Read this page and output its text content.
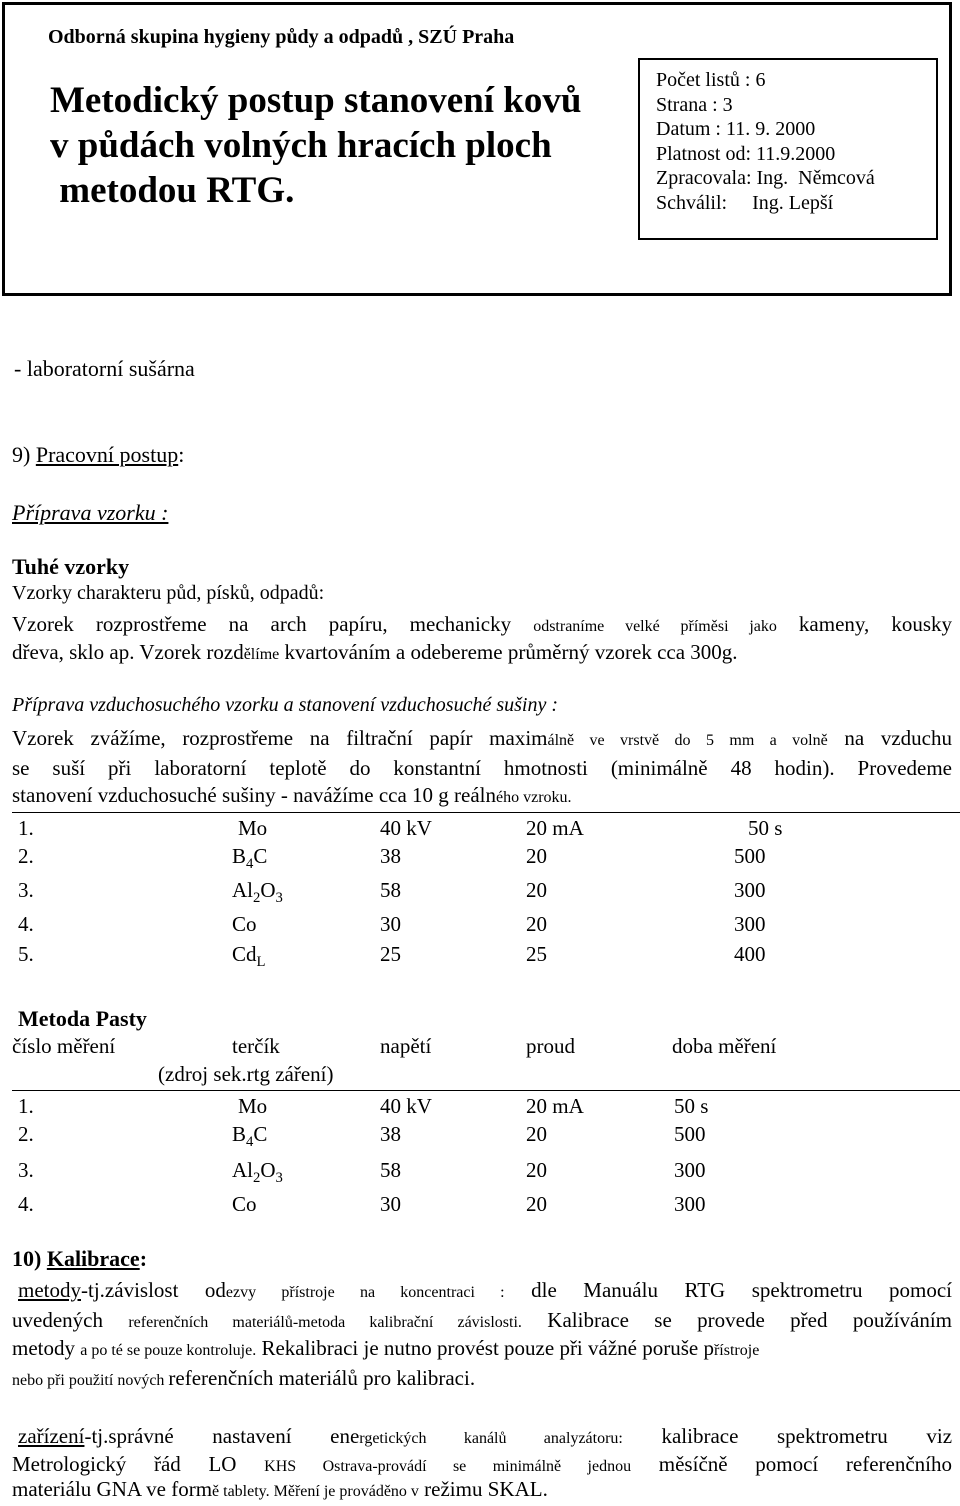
Odborná skupina hygieny půdy a odpadů , SZÚ Praha
Metodický postup stanovení kovů
v půdách volných hracích ploch
metodou RTG.
Počet listů : 6
Strana : 3
Datum : 11. 9. 2000
Platnost od: 11.9.2000
Zpracovala: Ing.  Němcová
Schválil:     Ing. Lepší
- laboratorní sušárna
9) Pracovní postup:
Příprava vzorku :
Tuhé vzorky
Vzorky charakteru půd, písků, odpadů:
Vzorek rozprostřeme na arch papíru, mechanicky odstraníme velké příměsi jako kameny, kousky
dřeva, sklo ap. Vzorek rozdělíme kvartováním a odebereme průměrný vzorek cca 300g.
Příprava vzduchosuchého vzorku a stanovení vzduchosuché sušiny :
Vzorek zvážíme, rozprostřeme na filtrační papír maximálně ve vrstvě do 5 mm a volně na vzduchu
se suší při laboratorní teplotě do konstantní hmotnosti (minimálně 48 hodin). Provedeme
stanovení vzduchosuché sušiny - navážíme cca 10 g reálného vzroku.
1.	Mo	40 kV	20 mA	50 s
2.	$B_4C$	38	20	500
3.	$Al_2O_3$	58	20	300
4.	Co	30	20	300
5.	$Cd_L$	25	25	400
Metoda Pasty
číslo měření	terčík	napětí	proud	doba měření
(zdroj sek.rtg záření)
1.	Mo	40 kV	20 mA	50 s
2.	$B_4C$	38	20	500
3.	$Al_2O_3$	58	20	300
4.	Co	30	20	300
10) Kalibrace:
metody-tj.závislost odezvy přístroje na koncentraci : dle Manuálu RTG spektrometru pomocí
uvedených referenčních materiálů-metoda kalibrační závislosti. Kalibrace se provede před používáním
metody a po té se pouze kontroluje. Rekalibraci je nutno provést pouze při vážné poruše přístroje
nebo při použití nových referenčních materiálů pro kalibraci.
zařízení-tj.správné nastavení energetických kanálů analyzátoru: kalibrace spektrometru viz
Metrologický řád LO KHS Ostrava-provádí se minimálně jednou měsíčně pomocí referenčního
materiálu GNA ve formě tablety. Měření je prováděno v režimu SKAL.
